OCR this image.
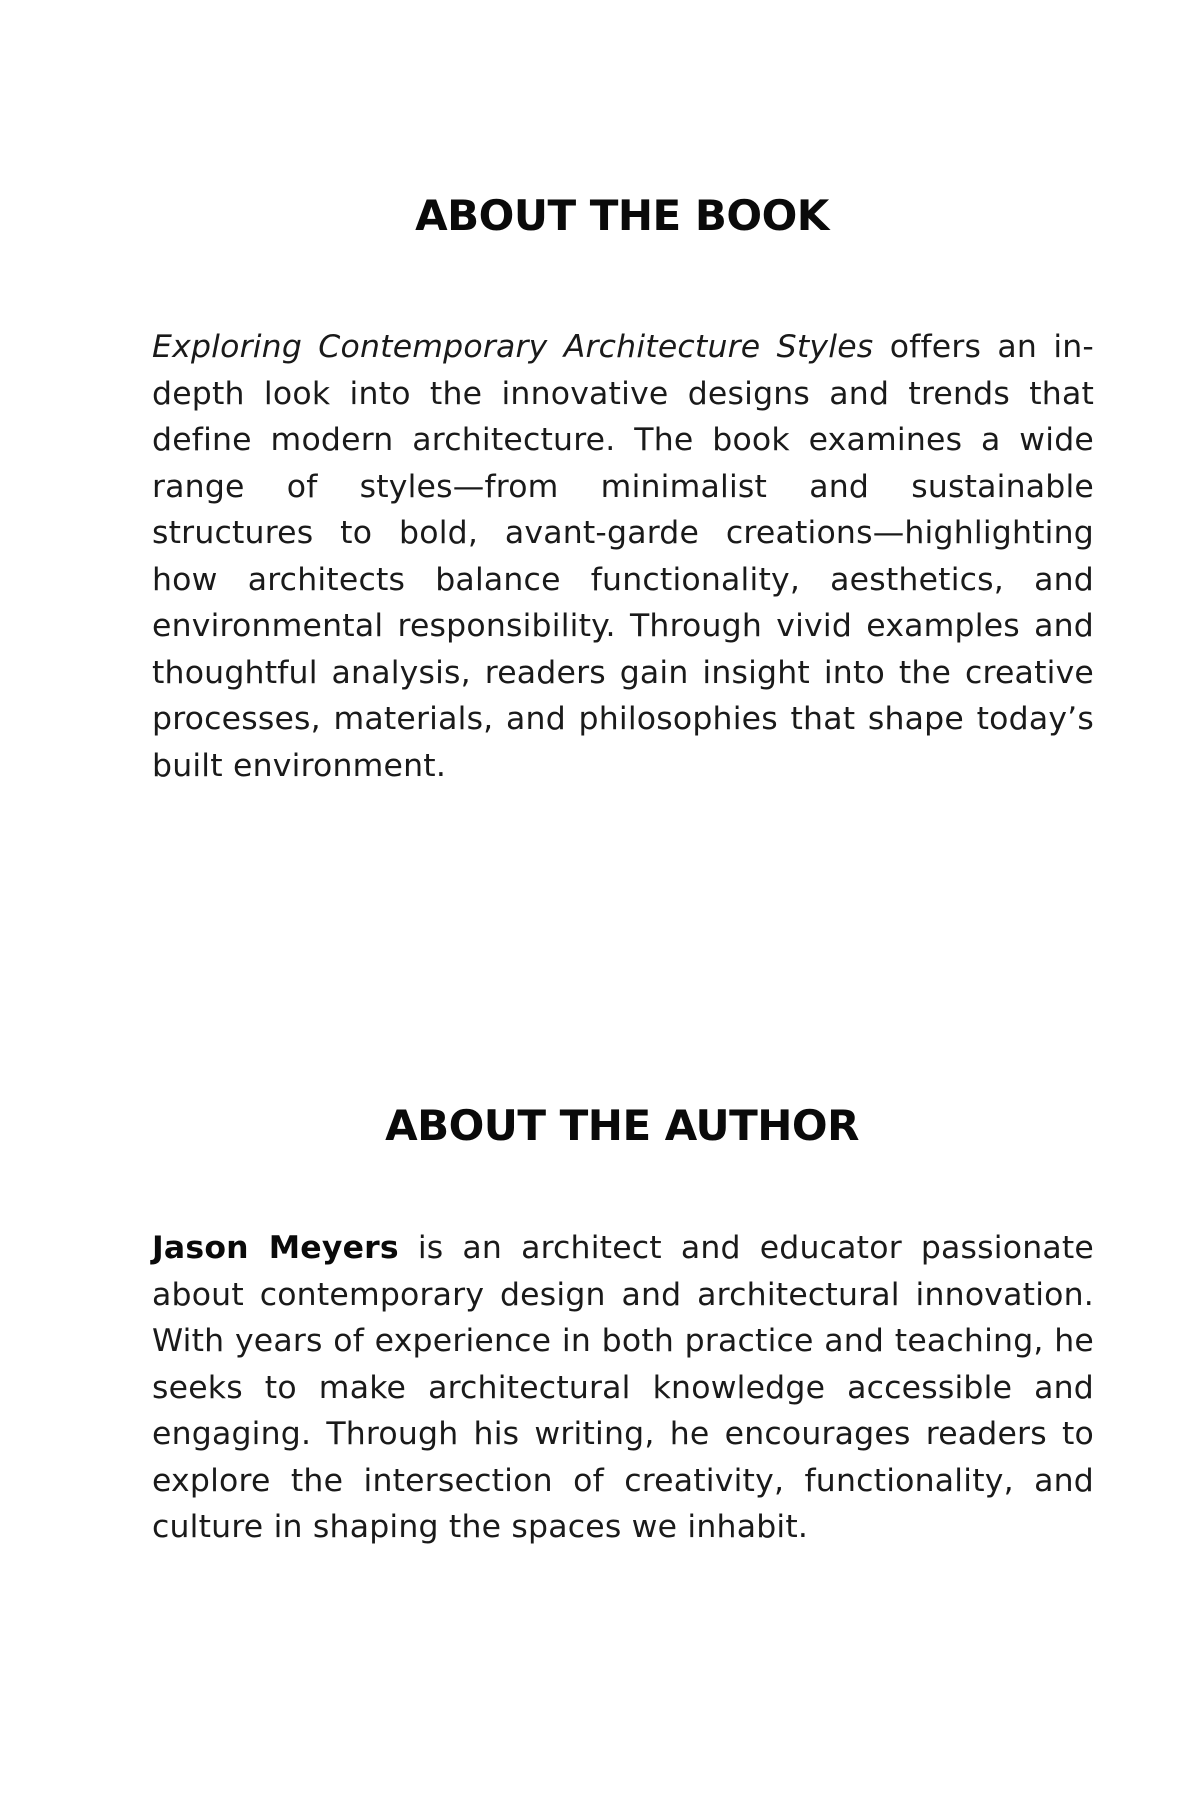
ABOUT THE BOOK

Exploring Contemporary Architecture Styles offers an in-depth look into the innovative designs and trends that define modern architecture. The book examines a wide range of styles—from minimalist and sustainable structures to bold, avant-garde creations—highlighting how architects balance functionality, aesthetics, and environmental responsibility. Through vivid examples and thoughtful analysis, readers gain insight into the creative processes, materials, and philosophies that shape today’s built environment.

ABOUT THE AUTHOR

Jason Meyers is an architect and educator passionate about contemporary design and architectural innovation. With years of experience in both practice and teaching, he seeks to make architectural knowledge accessible and engaging. Through his writing, he encourages readers to explore the intersection of creativity, functionality, and culture in shaping the spaces we inhabit.
